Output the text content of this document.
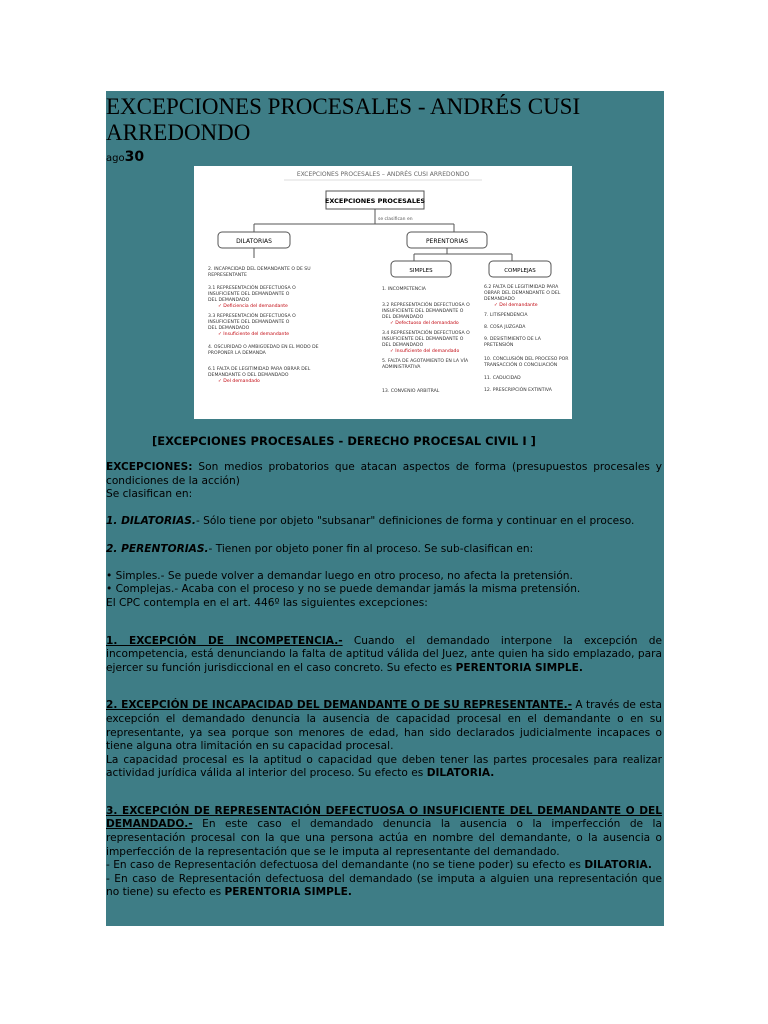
EXCEPCIONES PROCESALES - ANDRÉS CUSI ARREDONDO
ago30
EXCEPCIONES PROCESALES – ANDRÉS CUSI ARREDONDO
EXCEPCIONES PROCESALES
se clasifican en
DILATORIAS	PERENTORIAS
SIMPLES	COMPLEJAS
2. INCAPACIDAD DEL DEMANDANTE O DE SU
REPRESENTANTE
3.1 REPRESENTACIÓN DEFECTUOSA O
INSUFICIENTE DEL DEMANDANTE O
DEL DEMANDADO
3.3 REPRESENTACIÓN DEFECTUOSA O
INSUFICIENTE DEL DEMANDANTE O
DEL DEMANDADO
4. OSCURIDAD O AMBIGÜEDAD EN EL MODO DE
PROPONER LA DEMANDA
6.1 FALTA DE LEGITIMIDAD PARA OBRAR DEL
DEMANDANTE O DEL DEMANDADO
1. INCOMPETENCIA
3.2 REPRESENTACIÓN DEFECTUOSA O
INSUFICIENTE DEL DEMANDANTE O
DEL DEMANDADO
3.4 REPRESENTACIÓN DEFECTUOSA O
INSUFICIENTE DEL DEMANDANTE O
DEL DEMANDADO
5. FALTA DE AGOTAMIENTO EN LA VÍA
ADMINISTRATIVA
13. CONVENIO ARBITRAL
6.2 FALTA DE LEGITIMIDAD PARA
OBRAR DEL DEMANDANTE O DEL
DEMANDADO
7. LITISPENDENCIA
8. COSA JUZGADA
9. DESISTIMIENTO DE LA
PRETENSIÓN
10. CONCLUSIÓN DEL PROCESO POR
TRANSACCIÓN O CONCILIACIÓN
11. CADUCIDAD
12. PRESCRIPCIÓN EXTINTIVA
✓ Deficiencia del demandante
✓ Insuficiente del demandante
✓ Del demandado
✓ Defectuoso del demandado
✓ Insuficiente del demandado
✓ Del demandante
[EXCEPCIONES PROCESALES - DERECHO PROCESAL CIVIL I ]

EXCEPCIONES: Son medios probatorios que atacan aspectos de forma (presupuestos procesales y condiciones de la acción)

Se clasifican en:

1. DILATORIAS.- Sólo tiene por objeto "subsanar" definiciones de forma y continuar en el proceso.

2. PERENTORIAS.- Tienen por objeto poner fin al proceso. Se sub-clasifican en:

• Simples.- Se puede volver a demandar luego en otro proceso, no afecta la pretensión.

• Complejas.- Acaba con el proceso y no se puede demandar jamás la misma pretensión.

El CPC contempla en el art. 446º las siguientes excepciones:

1. EXCEPCIÓN DE INCOMPETENCIA.- Cuando el demandado interpone la excepción de incompetencia, está denunciando la falta de aptitud válida del Juez, ante quien ha sido emplazado, para ejercer su función jurisdiccional en el caso concreto. Su efecto es PERENTORIA SIMPLE.

2. EXCEPCIÓN DE INCAPACIDAD DEL DEMANDANTE O DE SU REPRESENTANTE.- A través de esta excepción el demandado denuncia la ausencia de capacidad procesal en el demandante o en su representante, ya sea porque son menores de edad, han sido declarados judicialmente incapaces o tiene alguna otra limitación en su capacidad procesal.

La capacidad procesal es la aptitud o capacidad que deben tener las partes procesales para realizar actividad jurídica válida al interior del proceso. Su efecto es DILATORIA.

3. EXCEPCIÓN DE REPRESENTACIÓN DEFECTUOSA O INSUFICIENTE DEL DEMANDANTE O DEL DEMANDADO.- En este caso el demandado denuncia la ausencia o la imperfección de la representación procesal con la que una persona actúa en nombre del demandante, o la ausencia o imperfección de la representación que se le imputa al representante del demandado.

- En caso de Representación defectuosa del demandante (no se tiene poder) su efecto es DILATORIA.

- En caso de Representación defectuosa del demandado (se imputa a alguien una representación que no tiene) su efecto es PERENTORIA SIMPLE.
